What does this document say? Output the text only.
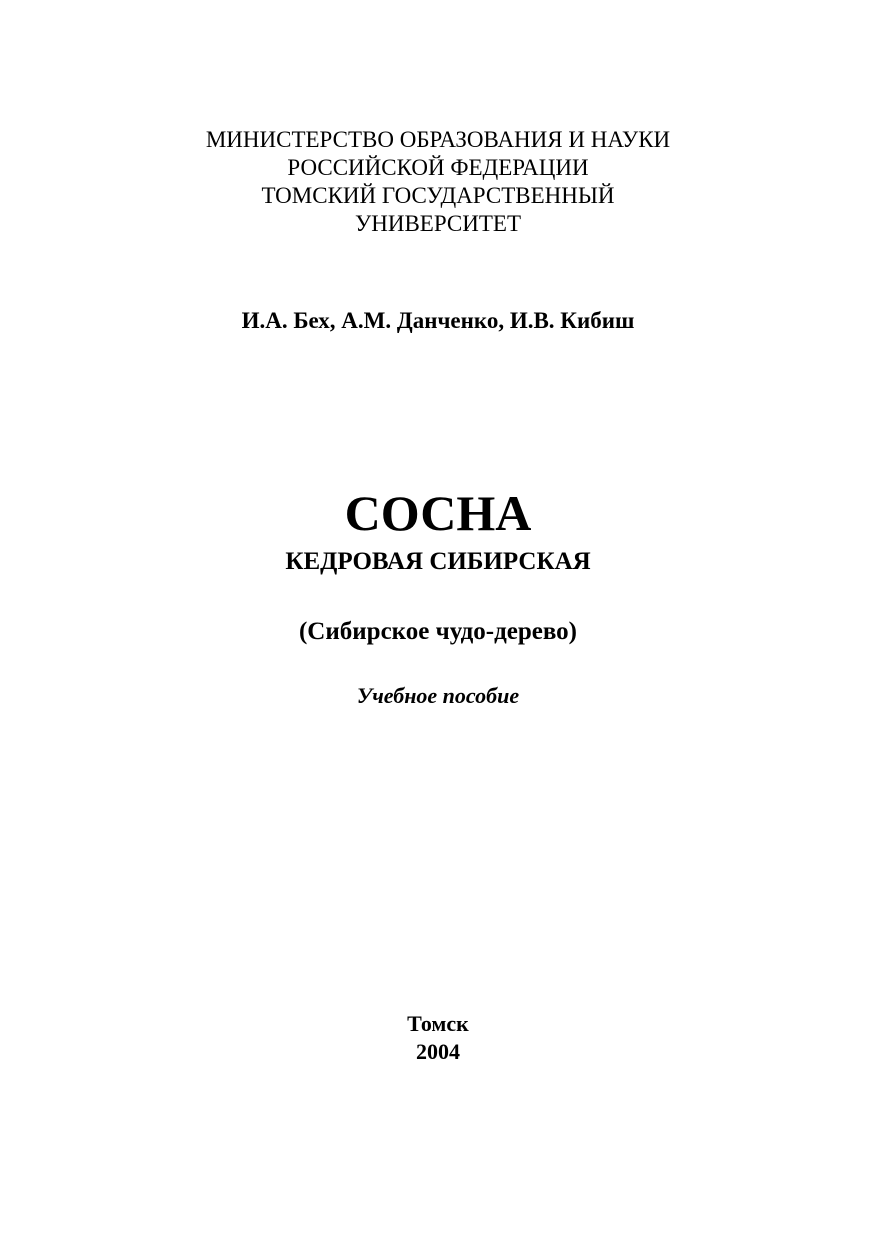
МИНИСТЕРСТВО ОБРАЗОВАНИЯ И НАУКИ
РОССИЙСКОЙ ФЕДЕРАЦИИ
ТОМСКИЙ ГОСУДАРСТВЕННЫЙ
УНИВЕРСИТЕТ
И.А. Бех, А.М. Данченко, И.В. Кибиш
СОСНА
КЕДРОВАЯ СИБИРСКАЯ
(Сибирское чудо-дерево)
Учебное пособие
Томск
2004
